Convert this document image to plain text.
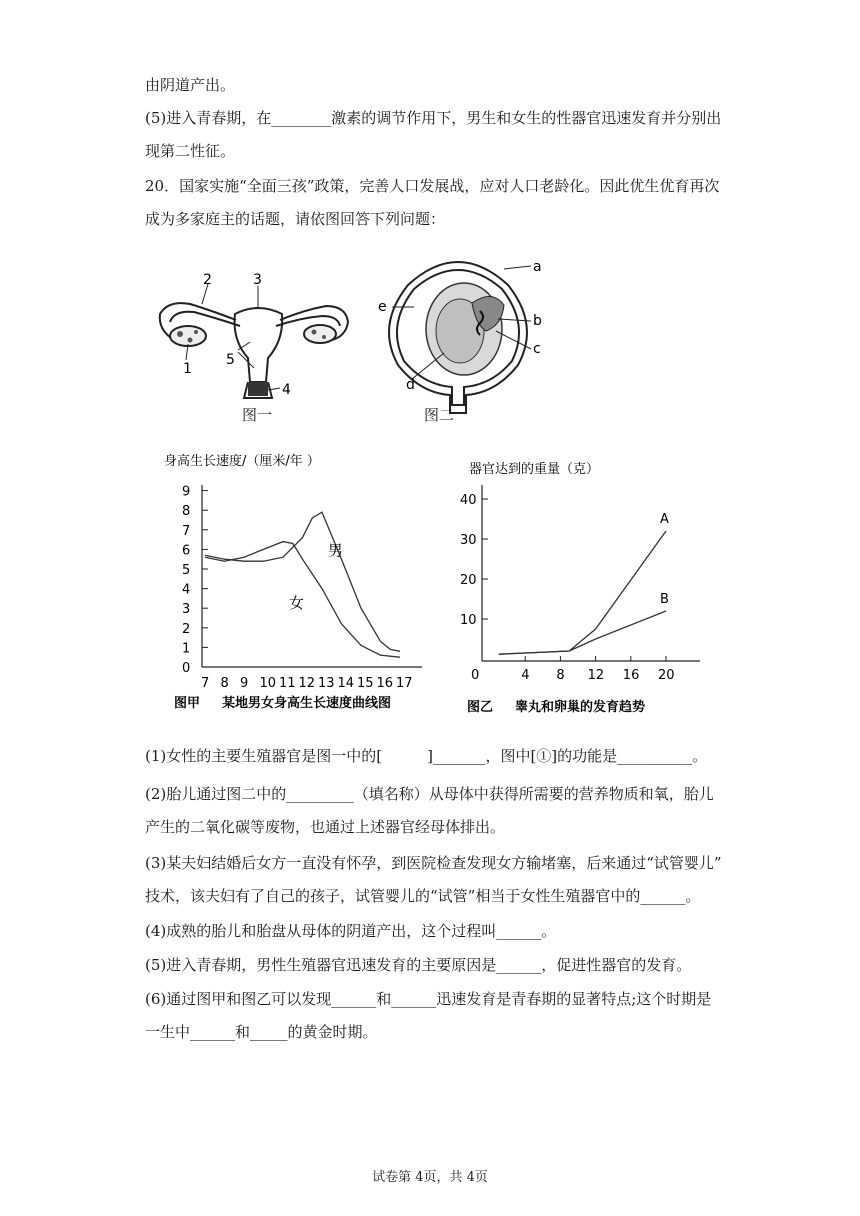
由阴道产出。
(5)进入青春期，在________激素的调节作用下，男生和女生的性器官迅速发育并分别出
现第二性征。
20．国家实施“全面三孩”政策，完善人口发展战，应对人口老龄化。因此优生优育再次
成为多家庭主的话题，请依图回答下列问题：
2	3
1
5
4
图一
a
b
c
d
e
图二
身高生长速度/（厘米/年 ）
0
1
2
3
4
5
6
7
8
9
7 8 9 10 11 12 13 14 15 16 17
男
女
图甲 某地男女身高生长速度曲线图
器官达到的重量（克）
0
10
20
30
40
4 8 12 16 20
A
B
图乙 睾丸和卵巢的发育趋势
(1)女性的主要生殖器官是图一中的[　　　]_______，图中[①]的功能是__________。
(2)胎儿通过图二中的_________（填名称）从母体中获得所需要的营养物质和氧，胎儿
产生的二氧化碳等废物，也通过上述器官经母体排出。
(3)某夫妇结婚后女方一直没有怀孕，到医院检查发现女方输堵塞，后来通过“试管婴儿”
技术，该夫妇有了自己的孩子，试管婴儿的“试管”相当于女性生殖器官中的______。
(4)成熟的胎儿和胎盘从母体的阴道产出，这个过程叫______。
(5)进入青春期，男性生殖器官迅速发育的主要原因是______，促进性器官的发育。
(6)通过图甲和图乙可以发现______和______迅速发育是青春期的显著特点;这个时期是
一生中______和_____的黄金时期。
试卷第 4页，共 4页
